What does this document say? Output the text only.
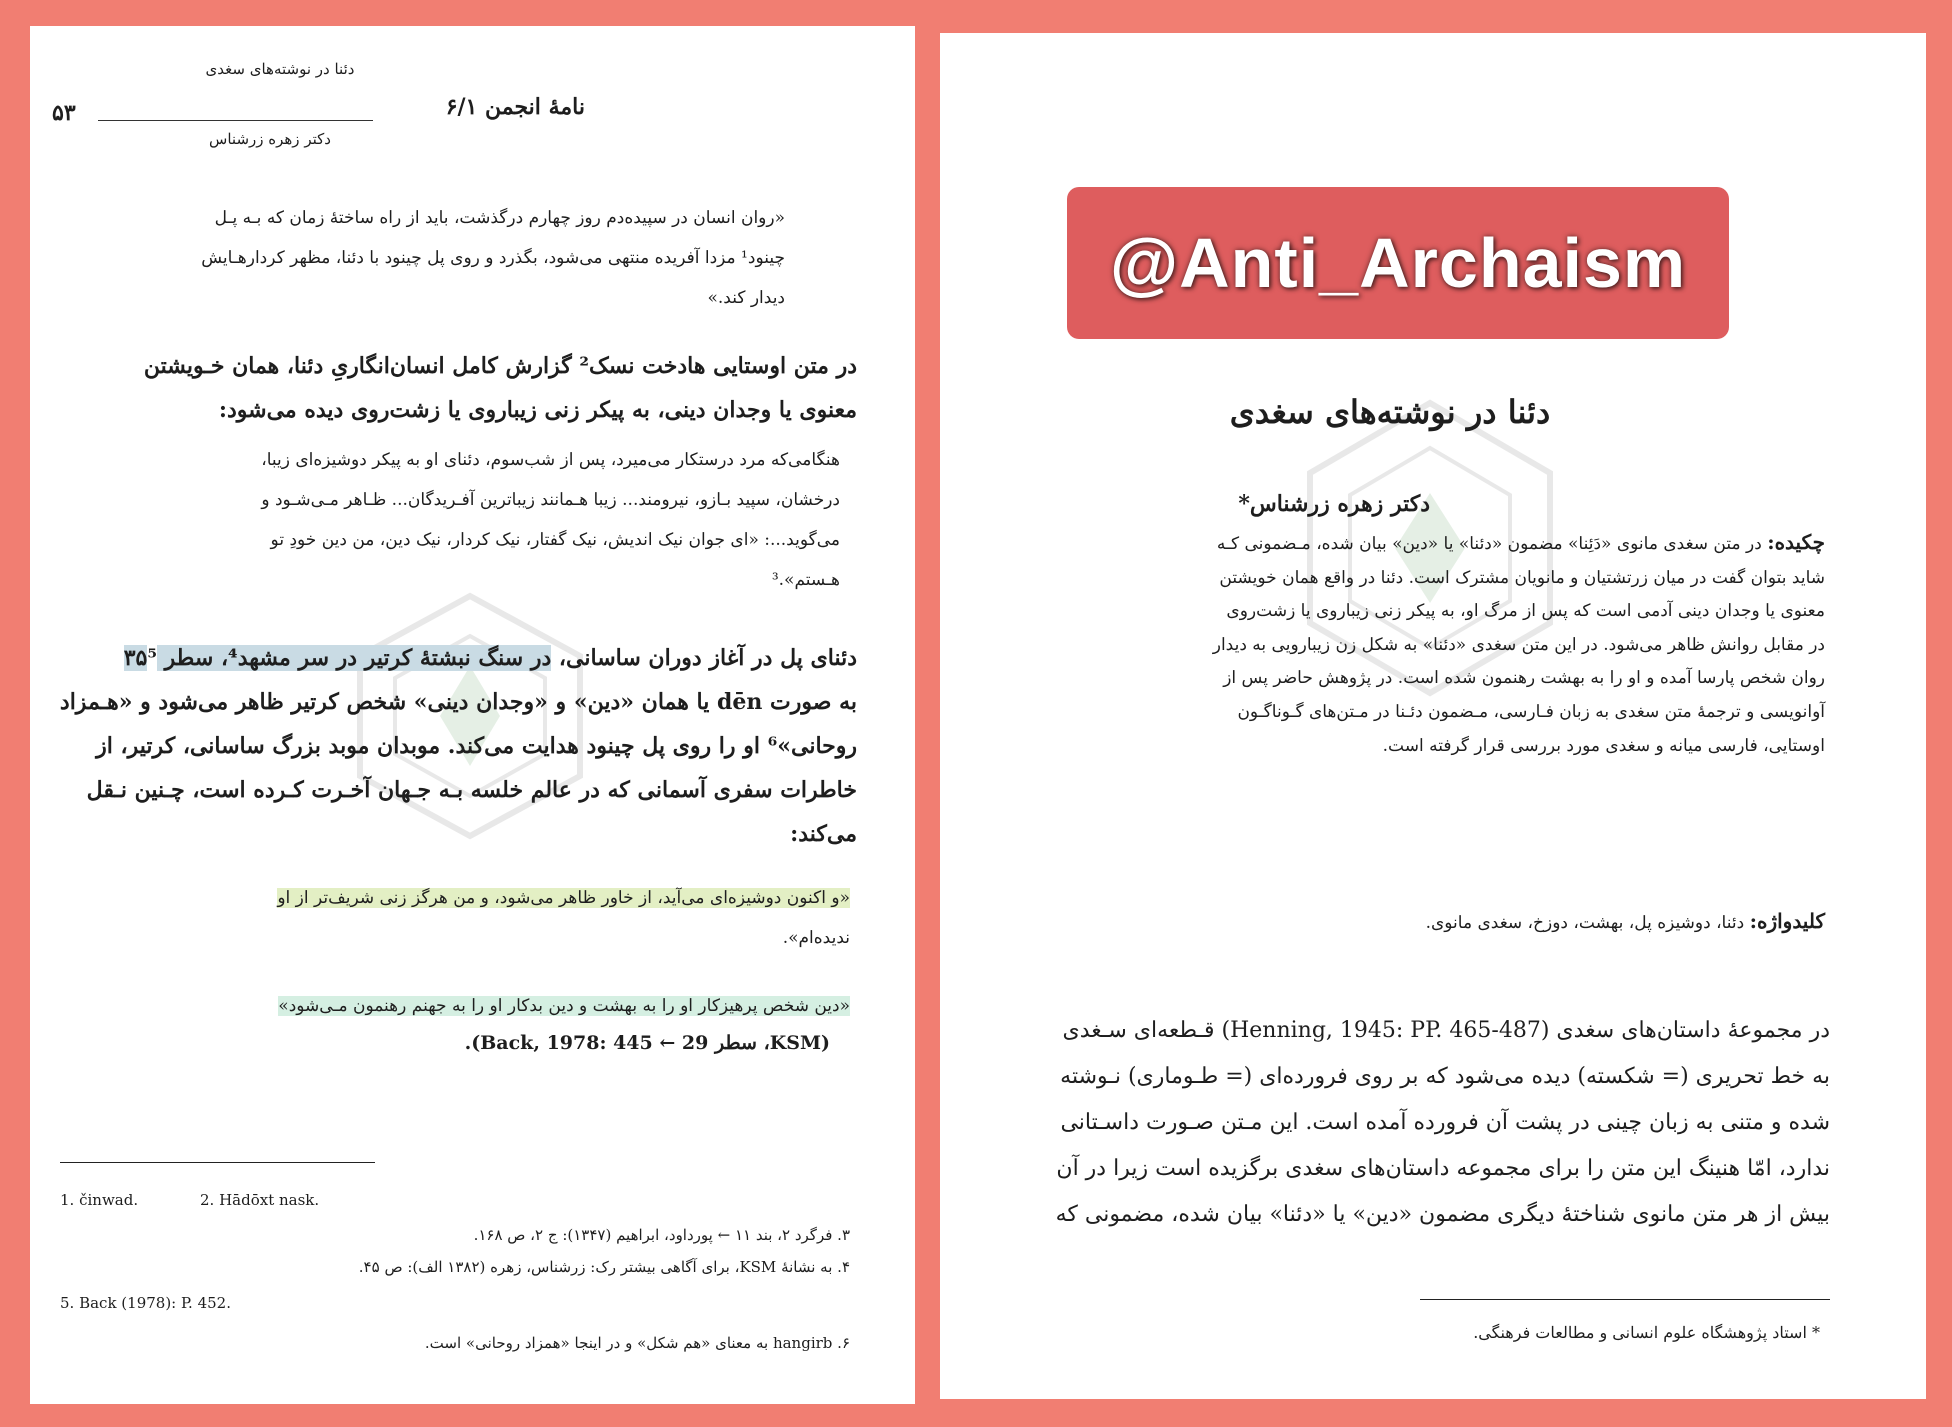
دئنا در نوشته‌های سغدی
نامۀ انجمن ۶/۱
۵۳
دکتر زهره زرشناس
«روان انسان در سپیده‌دم روز چهارم درگذشت، باید از راه ساختۀ زمان که بـه پـل
چینود¹ مزدا آفریده منتهی می‌شود، بگذرد و روی پل چینود با دئنا، مظهر کردارهـایش
دیدار کند.»
در متن اوستایی هادخت نسک² گزارش کامل انسان‌انگاریِ دئنا، همان خـویشتن
معنوی یا وجدان دینی، به پیکر زنی زیباروی یا زشت‌روی دیده می‌شود:
هنگامی‌که مرد درستکار می‌میرد، پس از شب‌سوم، دئنای او به پیکر دوشیزه‌ای زیبا،
درخشان، سپید بـازو، نیرومند... زیبا هـمانند زیباترین آفـریدگان... ظـاهر مـی‌شـود و
می‌گوید...: «ای جوان نیک اندیش، نیک گفتار، نیک کردار، نیک دین، من دین خودِ تو
هـستم».³
دئنای پل در آغاز دوران ساسانی، در سنگ نبشتۀ کرتیر در سر مشهد⁴، سطر ۳۵⁵
به صورت dēn یا همان «دین» و «وجدان دینی» شخص کرتیر ظاهر می‌شود و «هـمزاد
روحانی»⁶ او را روی پل چینود هدایت می‌کند. موبدان موبد بزرگ ساسانی، کرتیر، از
خاطرات سفری آسمانی که در عالم خلسه بـه جـهان آخـرت کـرده است، چـنین نـقل
می‌کند:
«و اکنون دوشیزه‌ای می‌آید، از خاور ظاهر می‌شود، و من هرگز زنی شریف‌تر از او
ندیده‌ام».
«دین شخص پرهیزکار او را به بهشت و دین بدکار او را به جهنم رهنمون مـی‌شود»
(KSM، سطر 29 ← Back, 1978: 445).
1. činwad.	2. Hādōxt nask.
۳. فرگرد ۲، بند ۱۱ ← پورداود، ابراهیم (۱۳۴۷): ج ۲، ص ۱۶۸.
۴. به نشانۀ KSM، برای آگاهی بیشتر رک: زرشناس، زهره (۱۳۸۲ الف): ص ۴۵.
5. Back (1978): P. 452.
۶. hangirb به معنای «هم شکل» و در اینجا «همزاد روحانی» است.
@Anti_Archaism
دئنا در نوشته‌های سغدی
دکتر زهره زرشناس*
چکیده: در متن سغدی مانوی «دَئِنا» مضمون «دئنا» یا «دین» بیان شده، مـضمونی کـه
شاید بتوان گفت در میان زرتشتیان و مانویان مشترک است. دئنا در واقع همان خویشتن
معنوی یا وجدان دینی آدمی است که پس از مرگ او، به پیکر زنی زیباروی یا زشت‌روی
در مقابل روانش ظاهر می‌شود. در این متن سغدی «دئنا» به شکل زن زیبارویی به دیدار
روان شخص پارسا آمده و او را به بهشت رهنمون شده است. در پژوهش حاضر پس از
آوانویسی و ترجمۀ متن سغدی به زبان فـارسی، مـضمون دئـنا در مـتن‌های گـوناگـون
اوستایی، فارسی میانه و سغدی مورد بررسی قرار گرفته است.
کلیدواژه: دئنا، دوشیزه پل، بهشت، دوزخ، سغدی مانوی.
در مجموعۀ داستان‌های سغدی (Henning, 1945: PP. 465-487) قـطعه‌ای سـغدی
به خط تحریری (= شکسته) دیده می‌شود که بر روی فرورده‌ای (= طـوماری) نـوشته
شده و متنی به زبان چینی در پشت آن فرورده آمده است. این مـتن صـورت داسـتانی
ندارد، امّا هنینگ این متن را برای مجموعه داستان‌های سغدی برگزیده است زیرا در آن
بیش از هر متن مانوی شناختۀ دیگری مضمون «دین» یا «دئنا» بیان شده، مضمونی که
* استاد پژوهشگاه علوم انسانی و مطالعات فرهنگی.
